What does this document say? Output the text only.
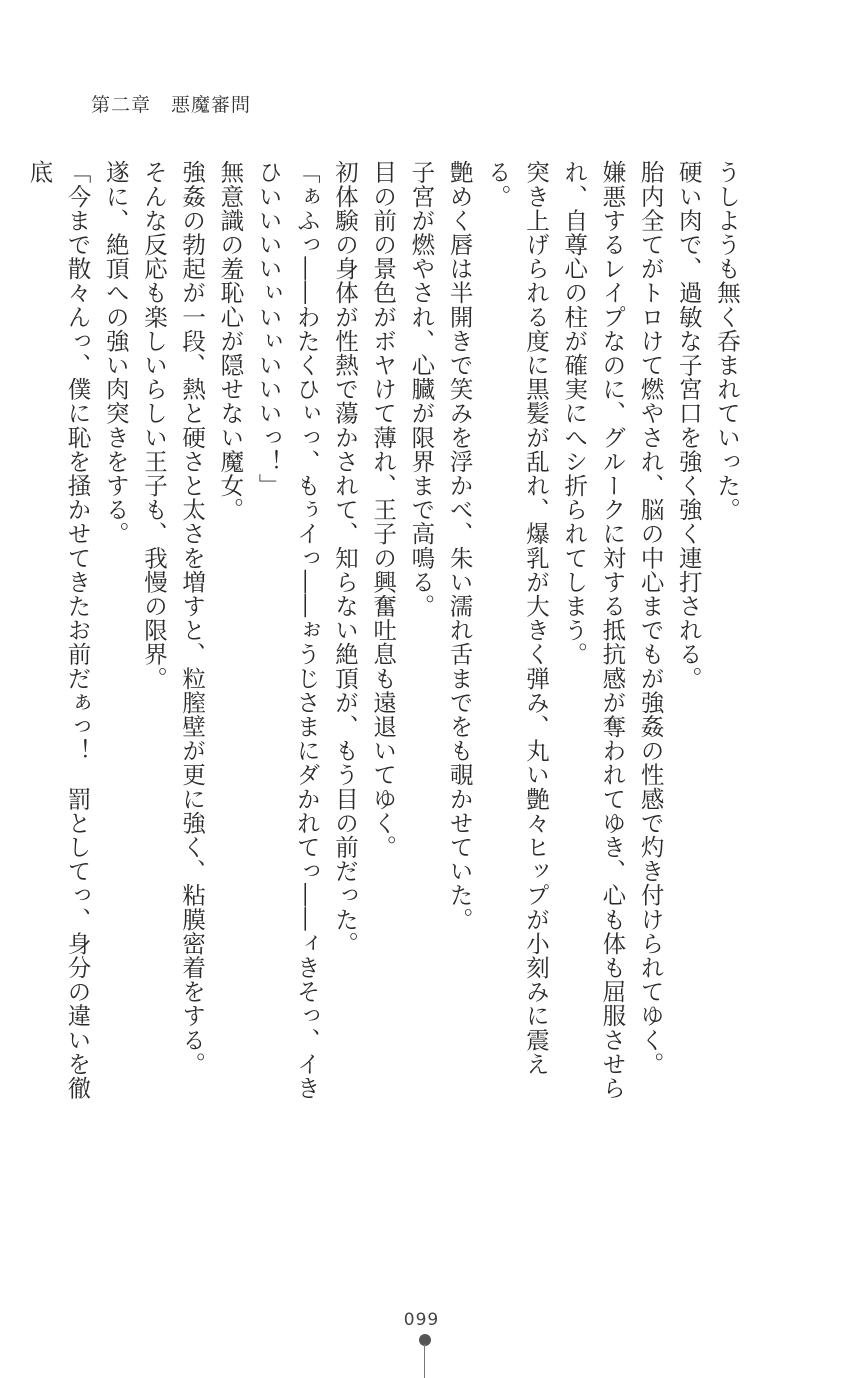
第二章　悪魔審問

うしようも無く呑まれていった。

硬い肉で、過敏な子宮口を強く強く連打される。

胎内全てがトロけて燃やされ、脳の中心までもが強姦の性感で灼き付けられてゆく。

嫌悪するレイプなのに、グルークに対する抵抗感が奪われてゆき、心も体も屈服させられ、自尊心の柱が確実にへシ折られてしまう。

突き上げられる度に黒髪が乱れ、爆乳が大きく弾み、丸い艶々ヒップが小刻みに震える。

艶めく唇は半開きで笑みを浮かべ、朱い濡れ舌までをも覗かせていた。

子宮が燃やされ、心臓が限界まで高鳴る。

目の前の景色がボヤけて薄れ、王子の興奮吐息も遠退いてゆく。

初体験の身体が性熱で蕩かされて、知らない絶頂が、もう目の前だった。

「ぁふっ――わたくひぃっ、もぅイっ――ぉうじさまにダかれてっ――ィきそっ、イきひいいいいぃいぃいいいっ！」

無意識の羞恥心が隠せない魔女。

強姦の勃起が一段、熱と硬さと太さを増すと、粒膣壁が更に強く、粘膜密着をする。

そんな反応も楽しいらしい王子も、我慢の限界。

遂に、絶頂への強い肉突きをする。

「今まで散々んっ、僕に恥を掻かせてきたお前だぁっ！　罰としてっ、身分の違いを徹底

099
